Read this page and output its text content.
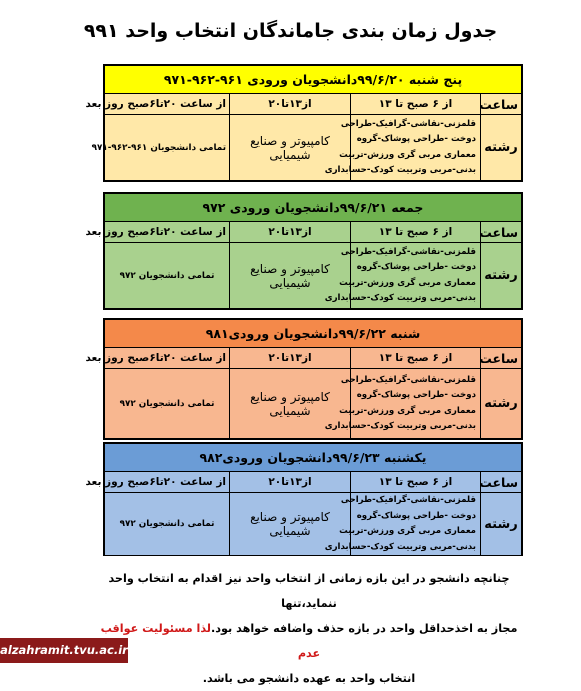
جدول زمان بندی جاماندگان انتخاب واحد ۹۹۱
پنج شنبه ۹۹/۶/۲۰دانشجویان ورودی ۹۶۱-۹۶۲-۹۷۱			
ساعت	از ۶ صبح تا ۱۳	از۱۳تا۲۰	از ساعت ۲۰تا۶صبح روز بعد
رشته	قلمزنی-نقاشی-گرافیک-طراحی
دوخت -طراحی پوشاک-گروه
معماری مربی گری ورزش-تربیت
بدنی-مربی وتربیت کودک-حسابداری	کامپیوتر و صنایع شیمیایی	تمامی دانشجویان ۹۶۱-۹۶۲-۹۷۱
جمعه ۹۹/۶/۲۱دانشجویان ورودی ۹۷۲			
ساعت	از ۶ صبح تا ۱۳	از۱۳تا۲۰	از ساعت ۲۰تا۶صبح روز بعد
رشته	قلمزنی-نقاشی-گرافیک-طراحی
دوخت -طراحی پوشاک-گروه
معماری مربی گری ورزش-تربیت
بدنی-مربی وتربیت کودک-حسابداری	کامپیوتر و صنایع شیمیایی	تمامی دانشجویان ۹۷۲
شنبه ۹۹/۶/۲۲دانشجویان ورودی۹۸۱			
ساعت	از ۶ صبح تا ۱۳	از۱۳تا۲۰	از ساعت ۲۰تا۶صبح روز بعد
رشته	قلمزنی-نقاشی-گرافیک-طراحی
دوخت -طراحی پوشاک-گروه
معماری مربی گری ورزش-تربیت
بدنی-مربی وتربیت کودک-حسابداری	کامپیوتر و صنایع شیمیایی	تمامی دانشجویان ۹۷۲
یکشنبه ۹۹/۶/۲۳دانشجویان ورودی۹۸۲			
ساعت	از ۶ صبح تا ۱۳	از۱۳تا۲۰	از ساعت ۲۰تا۶صبح روز بعد
رشته	قلمزنی-نقاشی-گرافیک-طراحی
دوخت -طراحی پوشاک-گروه
معماری مربی گری ورزش-تربیت
بدنی-مربی وتربیت کودک-حسابداری	کامپیوتر و صنایع شیمیایی	تمامی دانشجویان ۹۷۲
چنانچه دانشجو در این بازه زمانی از انتخاب واحد نیز اقدام به انتخاب واحد ننماید،تنها
مجاز به اخذحداقل واحد در بازه حذف واضافه خواهد بود.لذا مسئولیت عواقب عدم
انتخاب واحد به عهده دانشجو می باشد.
alzahramit.tvu.ac.ir
